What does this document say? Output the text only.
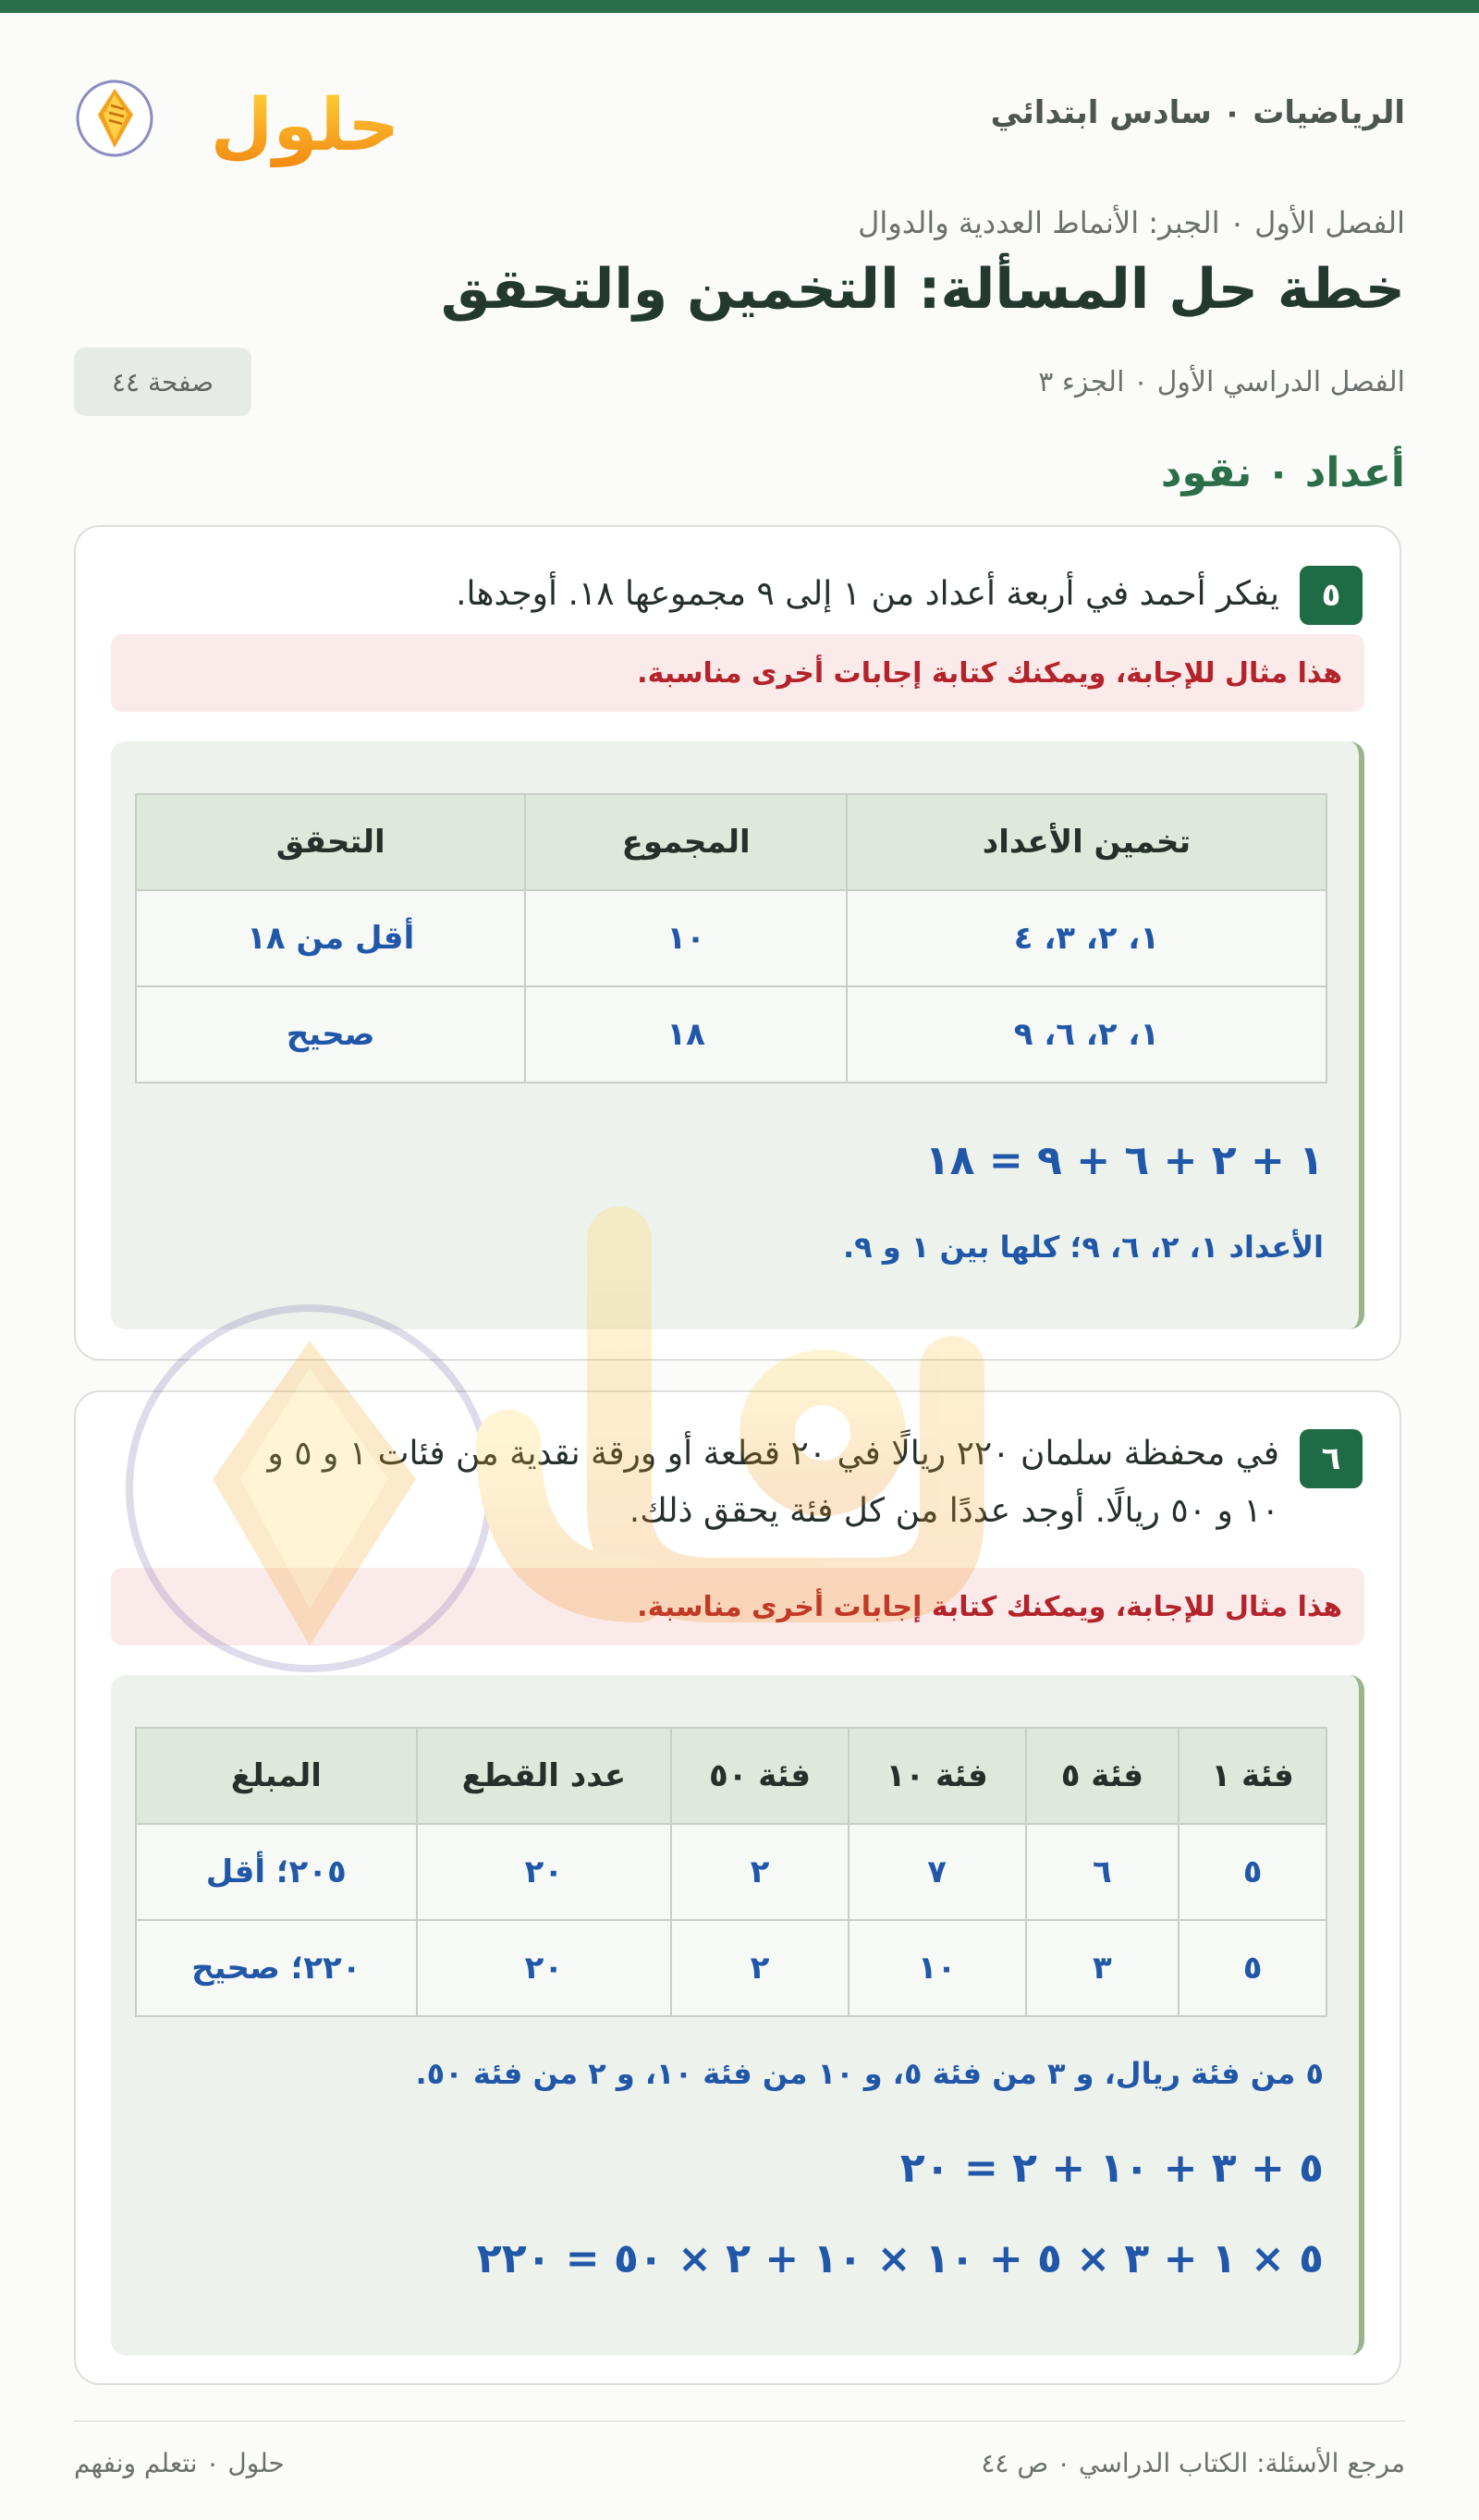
الرياضيات ٠ سادس ابتدائي
حلول
الفصل الأول ٠ الجبر: الأنماط العددية والدوال
خطة حل المسألة: التخمين والتحقق
الفصل الدراسي الأول ٠ الجزء ٣
صفحة ٤٤
أعداد ٠ نقود
٥
يفكر أحمد في أربعة أعداد من ١ إلى ٩ مجموعها ١٨. أوجدها.
هذا مثال للإجابة، ويمكنك كتابة إجابات أخرى مناسبة.
تخمين الأعداد	المجموع	التحقق
١، ٢، ٣، ٤	١٠	أقل من ١٨
١، ٢، ٦، ٩	١٨	صحيح
١ + ٢ + ٦ + ٩ = ١٨
الأعداد ١، ٢، ٦، ٩؛ كلها بين ١ و ٩.
٦
في محفظة سلمان ٢٢٠ ريالًا في ٢٠ قطعة أو ورقة نقدية من فئات ١ و ٥ و
١٠ و ٥٠ ريالًا. أوجد عددًا من كل فئة يحقق ذلك.
هذا مثال للإجابة، ويمكنك كتابة إجابات أخرى مناسبة.
فئة ١	فئة ٥	فئة ١٠	فئة ٥٠	عدد القطع	المبلغ
٥	٦	٧	٢	٢٠	٢٠٥؛ أقل
٥	٣	١٠	٢	٢٠	٢٢٠؛ صحيح
٥ من فئة ريال، و ٣ من فئة ٥، و ١٠ من فئة ١٠، و ٢ من فئة ٥٠.
٥ + ٣ + ١٠ + ٢ = ٢٠
٥ × ١ + ٣ × ٥ + ١٠ × ١٠ + ٢ × ٥٠ = ٢٢٠
مرجع الأسئلة: الكتاب الدراسي ٠ ص ٤٤
حلول ٠ نتعلم ونفهم
